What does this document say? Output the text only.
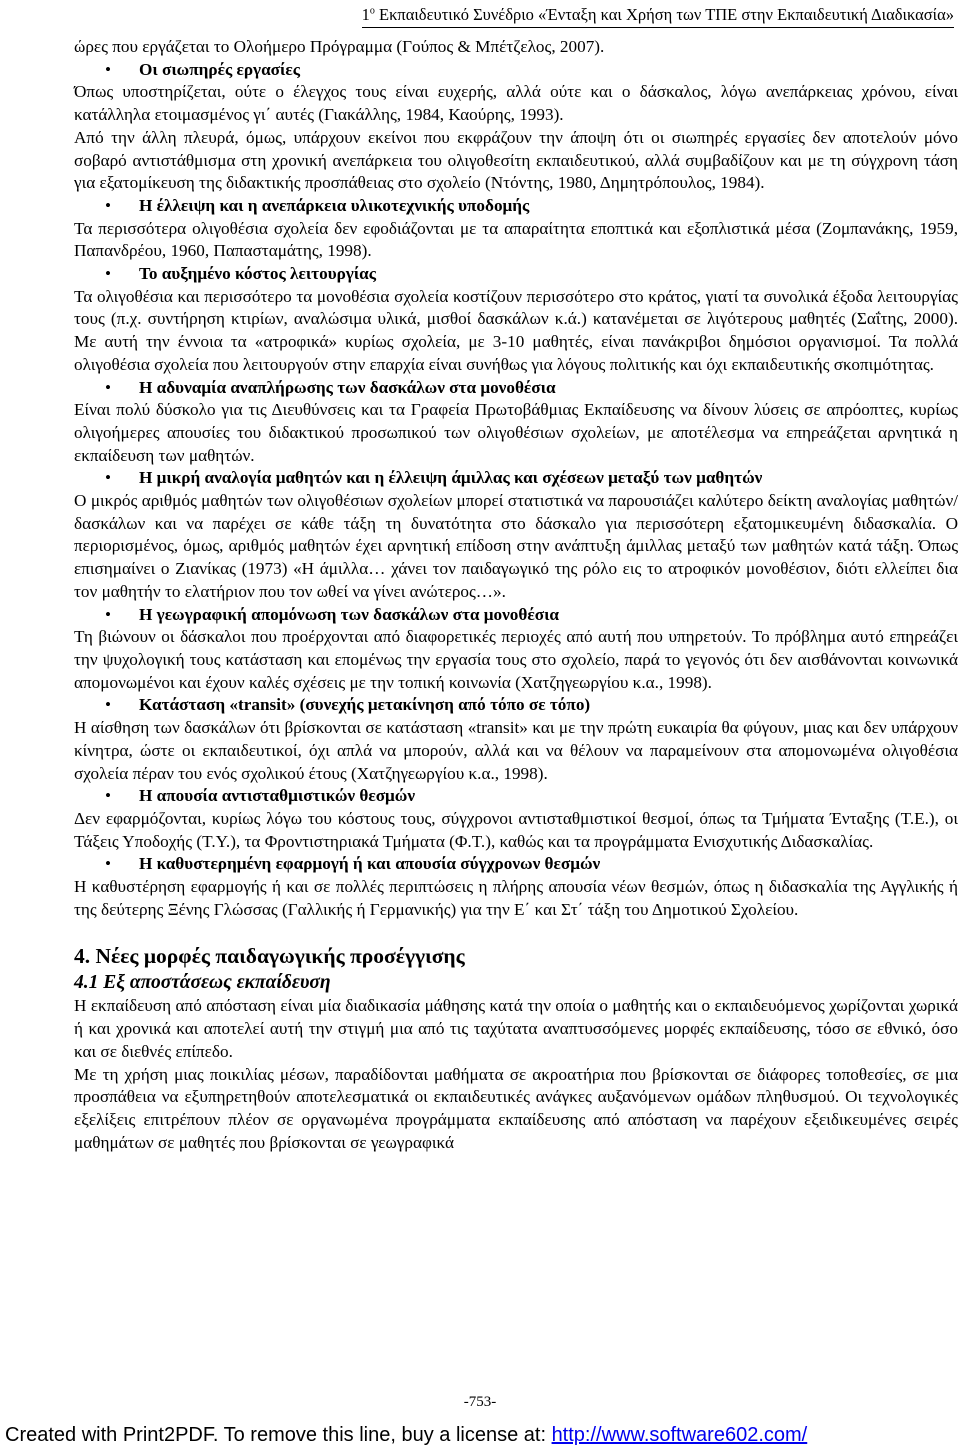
$1^o$ Εκπαιδευτικό Συνέδριο «Ένταξη και Χρήση των ΤΠΕ στην Εκπαιδευτική Διαδικασία»

ώρες που εργάζεται το Ολοήμερο Πρόγραμμα (Γούπος & Μπέτζελος, 2007).

• Οι σιωπηρές εργασίες

Όπως υποστηρίζεται, ούτε ο έλεγχος τους είναι ευχερής, αλλά ούτε και ο δάσκαλος, λόγω ανεπάρκειας χρόνου, είναι κατάλληλα ετοιμασμένος γι΄ αυτές (Γιακάλλης, 1984, Καούρης, 1993).

Από την άλλη πλευρά, όμως, υπάρχουν εκείνοι που εκφράζουν την άποψη ότι οι σιωπηρές εργασίες δεν αποτελούν μόνο σοβαρό αντιστάθμισμα στη χρονική ανεπάρκεια του ολιγοθεσίτη εκπαιδευτικού, αλλά συμβαδίζουν και με τη σύγχρονη τάση για εξατομίκευση της διδακτικής προσπάθειας στο σχολείο (Ντόντης, 1980, Δημητρόπουλος, 1984).

• Η έλλειψη και η ανεπάρκεια υλικοτεχνικής υποδομής

Τα περισσότερα ολιγοθέσια σχολεία δεν εφοδιάζονται με τα απαραίτητα εποπτικά και εξοπλιστικά μέσα (Ζομπανάκης, 1959, Παπανδρέου, 1960, Παπασταμάτης, 1998).

• Το αυξημένο κόστος λειτουργίας

Τα ολιγοθέσια και περισσότερο τα μονοθέσια σχολεία κοστίζουν περισσότερο στο κράτος, γιατί τα συνολικά έξοδα λειτουργίας τους (π.χ. συντήρηση κτιρίων, αναλώσιμα υλικά, μισθοί δασκάλων κ.ά.) κατανέμεται σε λιγότερους μαθητές (Σαΐτης, 2000). Με αυτή την έννοια τα «ατροφικά» κυρίως σχολεία, με 3-10 μαθητές, είναι πανάκριβοι δημόσιοι οργανισμοί. Τα πολλά ολιγοθέσια σχολεία που λειτουργούν στην επαρχία είναι συνήθως για λόγους πολιτικής και όχι εκπαιδευτικής σκοπιμότητας.

• Η αδυναμία αναπλήρωσης των δασκάλων στα μονοθέσια

Είναι πολύ δύσκολο για τις Διευθύνσεις και τα Γραφεία Πρωτοβάθμιας Εκπαίδευσης να δίνουν λύσεις σε απρόοπτες, κυρίως ολιγοήμερες απουσίες του διδακτικού προσωπικού των ολιγοθέσιων σχολείων, με αποτέλεσμα να επηρεάζεται αρνητικά η εκπαίδευση των μαθητών.

• Η μικρή αναλογία μαθητών και η έλλειψη άμιλλας και σχέσεων μεταξύ των μαθητών

Ο μικρός αριθμός μαθητών των ολιγοθέσιων σχολείων μπορεί στατιστικά να παρουσιάζει καλύτερο δείκτη αναλογίας μαθητών/δασκάλων και να παρέχει σε κάθε τάξη τη δυνατότητα στο δάσκαλο για περισσότερη εξατομικευμένη διδασκαλία. Ο περιορισμένος, όμως, αριθμός μαθητών έχει αρνητική επίδοση στην ανάπτυξη άμιλλας μεταξύ των μαθητών κατά τάξη. Όπως επισημαίνει ο Ζιανίκας (1973) «Η άμιλλα… χάνει τον παιδαγωγικό της ρόλο εις το ατροφικόν μονοθέσιον, διότι ελλείπει δια τον μαθητήν το ελατήριον που τον ωθεί να γίνει ανώτερος…».

• Η γεωγραφική απομόνωση των δασκάλων στα μονοθέσια

Τη βιώνουν οι δάσκαλοι που προέρχονται από διαφορετικές περιοχές από αυτή που υπηρετούν. Το πρόβλημα αυτό επηρεάζει την ψυχολογική τους κατάσταση και επομένως την εργασία τους στο σχολείο, παρά το γεγονός ότι δεν αισθάνονται κοινωνικά απομονωμένοι και έχουν καλές σχέσεις με την τοπική κοινωνία (Χατζηγεωργίου κ.α., 1998).

• Κατάσταση «transit» (συνεχής μετακίνηση από τόπο σε τόπο)

Η αίσθηση των δασκάλων ότι βρίσκονται σε κατάσταση «transit» και με την πρώτη ευκαιρία θα φύγουν, μιας και δεν υπάρχουν κίνητρα, ώστε οι εκπαιδευτικοί, όχι απλά να μπορούν, αλλά και να θέλουν να παραμείνουν στα απομονωμένα ολιγοθέσια σχολεία πέραν του ενός σχολικού έτους (Χατζηγεωργίου κ.α., 1998).

• Η απουσία αντισταθμιστικών θεσμών

Δεν εφαρμόζονται, κυρίως λόγω του κόστους τους, σύγχρονοι αντισταθμιστικοί θεσμοί, όπως τα Τμήματα Ένταξης (Τ.Ε.), οι Τάξεις Υποδοχής (Τ.Υ.), τα Φροντιστηριακά Τμήματα (Φ.Τ.), καθώς και τα προγράμματα Ενισχυτικής Διδασκαλίας.

• Η καθυστερημένη εφαρμογή ή και απουσία σύγχρονων θεσμών

Η καθυστέρηση εφαρμογής ή και σε πολλές περιπτώσεις η πλήρης απουσία νέων θεσμών, όπως η διδασκαλία της Αγγλικής ή της δεύτερης Ξένης Γλώσσας (Γαλλικής ή Γερμανικής) για την Ε΄ και Στ΄ τάξη του Δημοτικού Σχολείου.

4. Νέες μορφές παιδαγωγικής προσέγγισης

4.1 Εξ αποστάσεως εκπαίδευση

Η εκπαίδευση από απόσταση είναι μία διαδικασία μάθησης κατά την οποία ο μαθητής και ο εκπαιδευόμενος χωρίζονται χωρικά ή και χρονικά και αποτελεί αυτή την στιγμή μια από τις ταχύτατα αναπτυσσόμενες μορφές εκπαίδευσης, τόσο σε εθνικό, όσο και σε διεθνές επίπεδο.

Με τη χρήση μιας ποικιλίας μέσων, παραδίδονται μαθήματα σε ακροατήρια που βρίσκονται σε διάφορες τοποθεσίες, σε μια προσπάθεια να εξυπηρετηθούν αποτελεσματικά οι εκπαιδευτικές ανάγκες αυξανόμενων ομάδων πληθυσμού. Οι τεχνολογικές εξελίξεις επιτρέπουν πλέον σε οργανωμένα προγράμματα εκπαίδευσης από απόσταση να παρέχουν εξειδικευμένες σειρές μαθημάτων σε μαθητές που βρίσκονται σε γεωγραφικά

-753-
Created with Print2PDF. To remove this line, buy a license at: http://www.software602.com/
